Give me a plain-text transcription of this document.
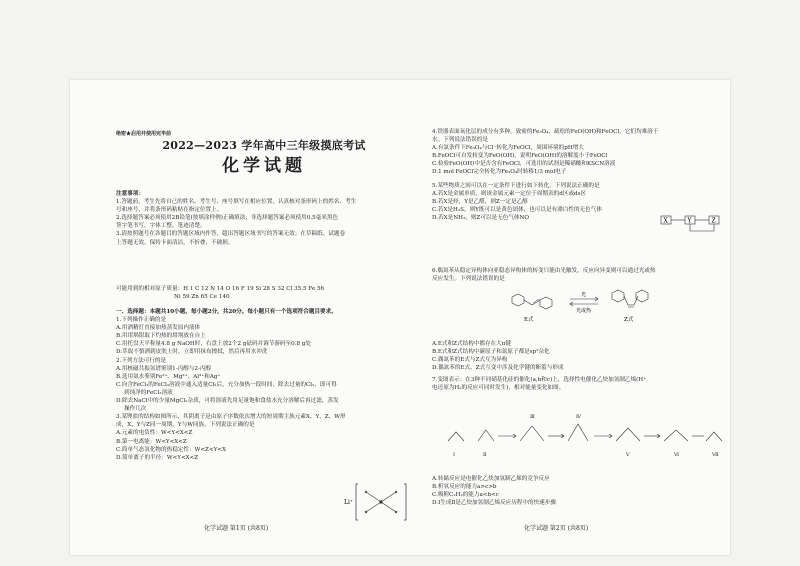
绝密★启用并使用完毕前
2022—2023 学年高中三年级摸底考试
化学试题
注意事项：
1.答题前，考生先将自己的姓名、考生号、座号填写在相应位置，认真核对条形码上的姓名、考生
号和座号，并将条形码粘贴在指定位置上。
2.选择题答案必须使用2B铅笔(按填涂样例)正确填涂；非选择题答案必须使用0.5毫米黑色
签字笔书写，字体工整、笔迹清楚。
3.请按照题号在各题目的答题区域内作答，超出答题区域书写的答案无效；在草稿纸、试题卷
上答题无效。保持卡面清洁，不折叠、不破损。
可能用到的相对原子质量：H 1 C 12 N 14 O 16 F 19 Si 28 S 32 Cl 35.5 Fe 56
Ni 59 Zn 65 Ce 140
一、选择题：本题共10小题，每小题2分，共20分。每小题只有一个选项符合题目要求。
1.下列操作正确的是
A.用酒精灯直接加热蒸发皿内液体
B.用坩埚钳取下灼热的坩埚放在台上
C.用托盘天平称量4.8 g NaOH时，右盘上放2个2 g砝码并调节游码至0.8 g处
D.萃取不慎洒到皮肤上时，立即用抹布擦拭，然后再用水冲洗
2.下列方法可行的是
A.用核磁共振氢谱鉴别1-丙醇与2-丙醇
B.选用氨水鉴别Fe²⁺、Mg²⁺、Al³⁺和Ag⁺
C.向含FeCl₂的FeCl₃溶液中通入适量Cl₂后，充分加热一段时间，除去过量的Cl₂，即可得
到纯净的FeCl₃溶液
D.除去NaCl中的少量MgCl₂杂质，可将溶液先用足量饱和食盐水充分溶解后再过滤，蒸发
操作几次
3.某锂盐的结构如图所示，其阴离子是由原子序数依次增大的短周期主族元素X、Y、Z、W形
成，X、Y与Z同一周期，Y与W同族。下列说法正确的是
A.元素的电负性：W<Y<X<Z
B.第一电离能：W<Y<X<Z
C.简单气态氢化物的热稳定性：W<Z<Y<X
D.简单离子的半径：W<Y<X<Z
Li⁺
化学试题 第1页 (共8页)
4.铁器表面氧化层的成分有多种，致密的Fe₃O₄、疏松的FeO(OH)和FeOCl，它们均难溶于
水。下列说法错误的是
A.有氯条件下Fe₃O₄与Cl⁻转化为FeOCl，周围环境的pH增大
B.FeOCl可自发转变为FeO(OH)，说明FeO(OH)的溶解度小于FeOCl
C.检验FeO(OH)中是否含有FeOCl，可选用的试剂是稀硝酸和KSCN溶液
D.1 mol FeOCl完全转化为Fe₃O₄时转移1/3 mol电子
5.某些物质之间可以在一定条件下进行如下转化，下列说法正确的是
A.若X是金属单质，则该金属元素一定位于周期表的d区或ds区
B.若X是烃，Y是乙醛，则Z一定是乙醇
C.若X是H₂S，则Y既可以是黄色固体，也可以是有漂白性的无色气体
D.若X是NH₃，则Z可以是无色气体NO	X	Y	Z
6.偶氮苯从稳定异构体向亚稳态异构体的转变只能由光触发，反应向异变则可以通过光或热
反应发生。下列说法错误的是
E式
光
光或热
Z式
A.E式和Z式结构中都存在大π键
B.E式和Z式结构中碳原子和氮原子都是sp²杂化
C.偶氮苯的E式与Z式互为异构
D.偶氮苯的E式、Z式互变中涉及化学键的断裂与形成
7.变图表示：在3种不同硝基化硅的催化(a,b和c)上，选择性电催化乙炔加氢制乙烯(H⁺
电还原为H₂的反应可同时发生)，相对能量变化如图。
Ⅰ	Ⅱ
Ⅲ	Ⅳ
Ⅴ	Ⅵ	Ⅶ
A.转储反应是电催化乙炔加氢制乙烯的竞争反应
B.析氢反应的能力a>c>b
C.吸附C₂H₂的能力a<b<c
D.Ⅰ生成Ⅱ是乙炔加氢制乙烯反应历程中的快速步骤
化学试题 第2页 (共8页)
